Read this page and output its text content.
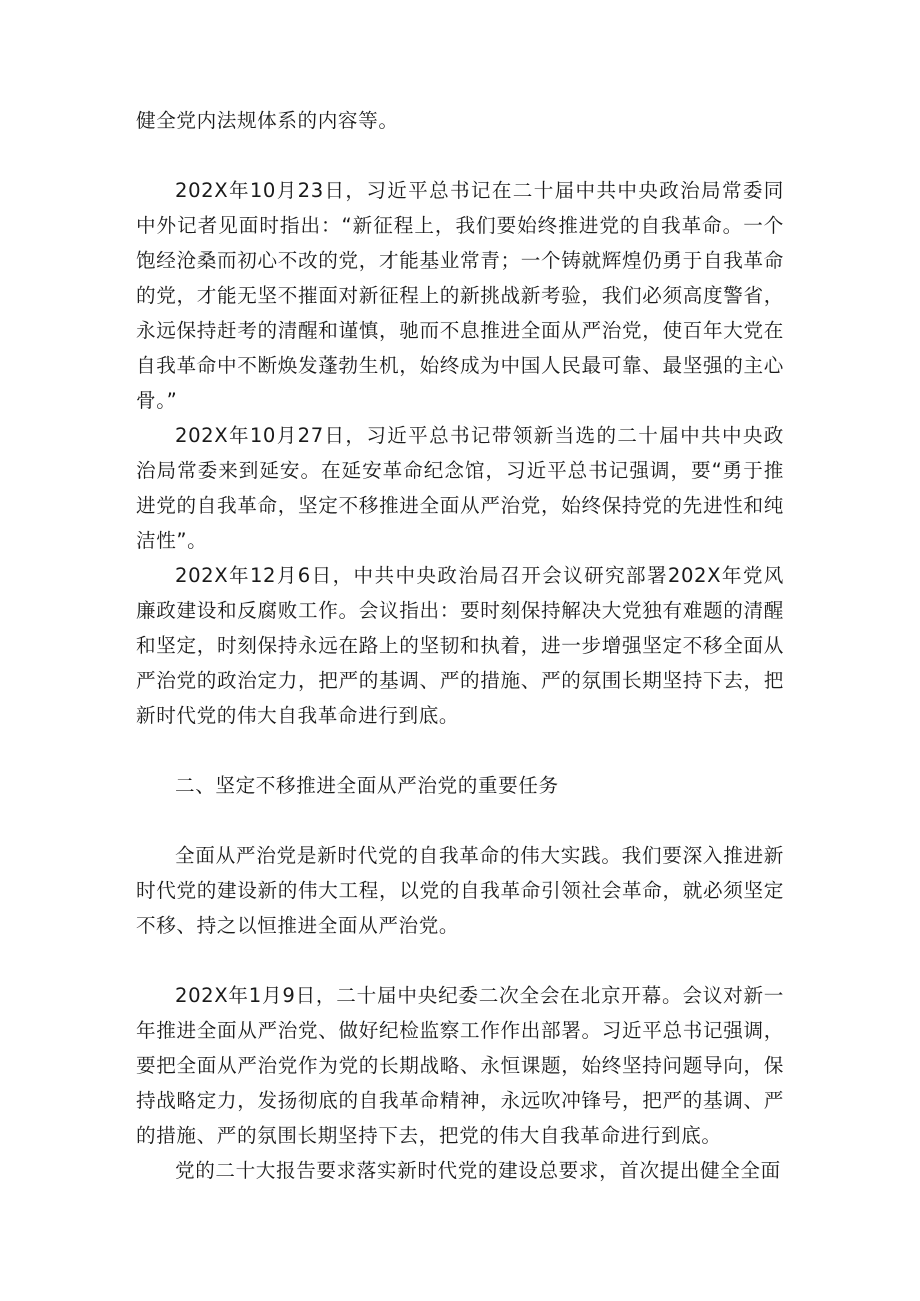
健全党内法规体系的内容等。

202X年10月23日，习近平总书记在二十届中共中央政治局常委同中外记者见面时指出：“新征程上，我们要始终推进党的自我革命。一个饱经沧桑而初心不改的党，才能基业常青；一个铸就辉煌仍勇于自我革命的党，才能无坚不摧面对新征程上的新挑战新考验，我们必须高度警省，永远保持赶考的清醒和谨慎，驰而不息推进全面从严治党，使百年大党在自我革命中不断焕发蓬勃生机，始终成为中国人民最可靠、最坚强的主心骨。”

202X年10月27日，习近平总书记带领新当选的二十届中共中央政治局常委来到延安。在延安革命纪念馆，习近平总书记强调，要“勇于推进党的自我革命，坚定不移推进全面从严治党，始终保持党的先进性和纯洁性”。

202X年12月6日，中共中央政治局召开会议研究部署202X年党风廉政建设和反腐败工作。会议指出：要时刻保持解决大党独有难题的清醒和坚定，时刻保持永远在路上的坚韧和执着，进一步增强坚定不移全面从严治党的政治定力，把严的基调、严的措施、严的氛围长期坚持下去，把新时代党的伟大自我革命进行到底。

二、坚定不移推进全面从严治党的重要任务

全面从严治党是新时代党的自我革命的伟大实践。我们要深入推进新时代党的建设新的伟大工程，以党的自我革命引领社会革命，就必须坚定不移、持之以恒推进全面从严治党。

202X年1月9日，二十届中央纪委二次全会在北京开幕。会议对新一年推进全面从严治党、做好纪检监察工作作出部署。习近平总书记强调，要把全面从严治党作为党的长期战略、永恒课题，始终坚持问题导向，保持战略定力，发扬彻底的自我革命精神，永远吹冲锋号，把严的基调、严的措施、严的氛围长期坚持下去，把党的伟大自我革命进行到底。

党的二十大报告要求落实新时代党的建设总要求，首次提出健全全面
